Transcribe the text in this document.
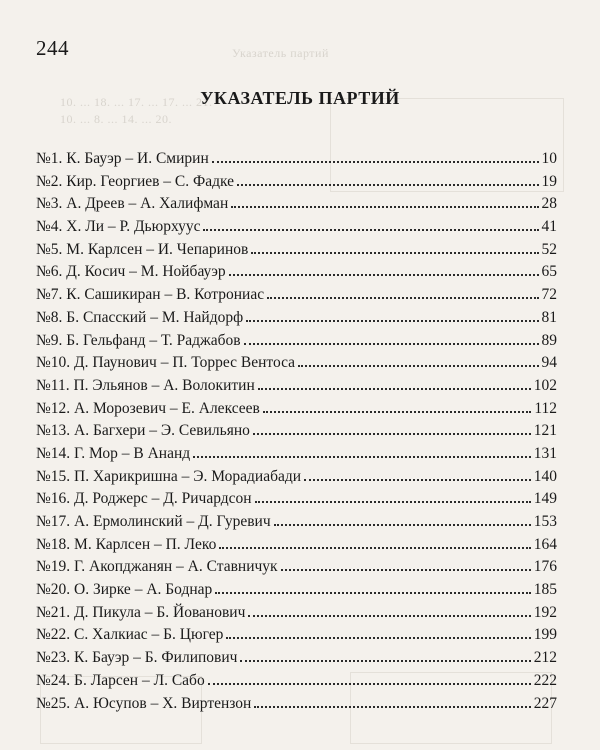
Указатель партий
10. ... 18. ... 17. ... 17. ... 21.
10. ... 8. ... 14. ... 20.
244
УКАЗАТЕЛЬ ПАРТИЙ
№1. К. Бауэр – И. Смирин	10
№2. Кир. Георгиев – С. Фадке	19
№3. А. Дреев – А. Халифман	28
№4. Х. Ли – Р. Дьюрхуус	41
№5. М. Карлсен – И. Чепаринов	52
№6. Д. Косич – М. Нойбауэр	65
№7. К. Сашикиран – В. Котрониас	72
№8. Б. Спасский – М. Найдорф	81
№9. Б. Гельфанд – Т. Раджабов	89
№10. Д. Паунович – П. Торрес Вентоса	94
№11. П. Эльянов – А. Волокитин	102
№12. А. Морозевич – Е. Алексеев	112
№13. А. Багхери – Э. Севильяно	121
№14. Г. Мор – В Ананд	131
№15. П. Харикришна – Э. Морадиабади	140
№16. Д. Роджерс – Д. Ричардсон	149
№17. А. Ермолинский – Д. Гуревич	153
№18. М. Карлсен – П. Леко	164
№19. Г. Акопджанян – А. Ставничук	176
№20. О. Зирке – А. Боднар	185
№21. Д. Пикула – Б. Йованович	192
№22. С. Халкиас – Б. Цюгер	199
№23. К. Бауэр – Б. Филипович	212
№24. Б. Ларсен – Л. Сабо	222
№25. А. Юсупов – Х. Виртензон	227
